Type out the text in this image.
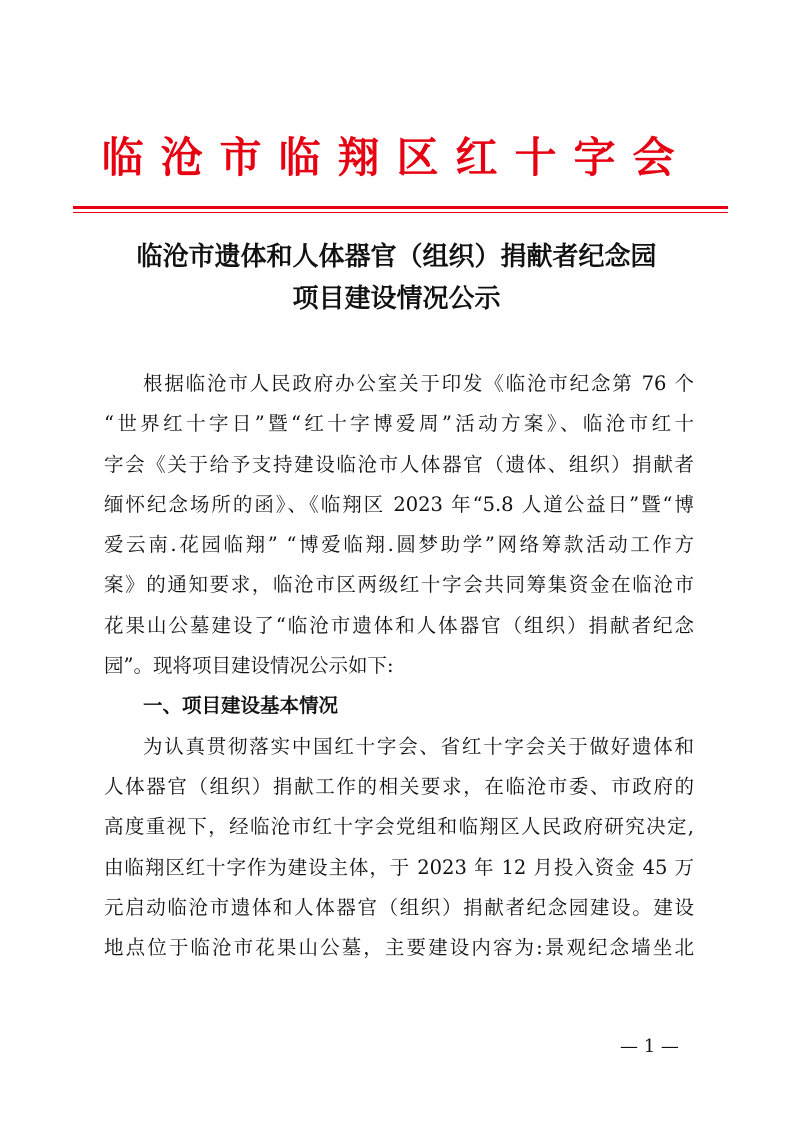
临沧市临翔区红十字会
临沧市遗体和人体器官（组织）捐献者纪念园
项目建设情况公示
根据临沧市人民政府办公室关于印发《临沧市纪念第 76 个
“世界红十字日”暨“红十字博爱周”活动方案》、临沧市红十
字会《关于给予支持建设临沧市人体器官（遗体、组织）捐献者
缅怀纪念场所的函》、《临翔区 2023 年“5.8 人道公益日”暨“博
爱云南.花园临翔” “博爱临翔.圆梦助学”网络筹款活动工作方
案》的通知要求，临沧市区两级红十字会共同筹集资金在临沧市
花果山公墓建设了“临沧市遗体和人体器官（组织）捐献者纪念
园”。现将项目建设情况公示如下:
一、项目建设基本情况
为认真贯彻落实中国红十字会、省红十字会关于做好遗体和
人体器官（组织）捐献工作的相关要求，在临沧市委、市政府的
高度重视下，经临沧市红十字会党组和临翔区人民政府研究决定,
由临翔区红十字作为建设主体，于 2023 年 12 月投入资金 45 万
元启动临沧市遗体和人体器官（组织）捐献者纪念园建设。建设
地点位于临沧市花果山公墓，主要建设内容为:景观纪念墙坐北
— 1 —
